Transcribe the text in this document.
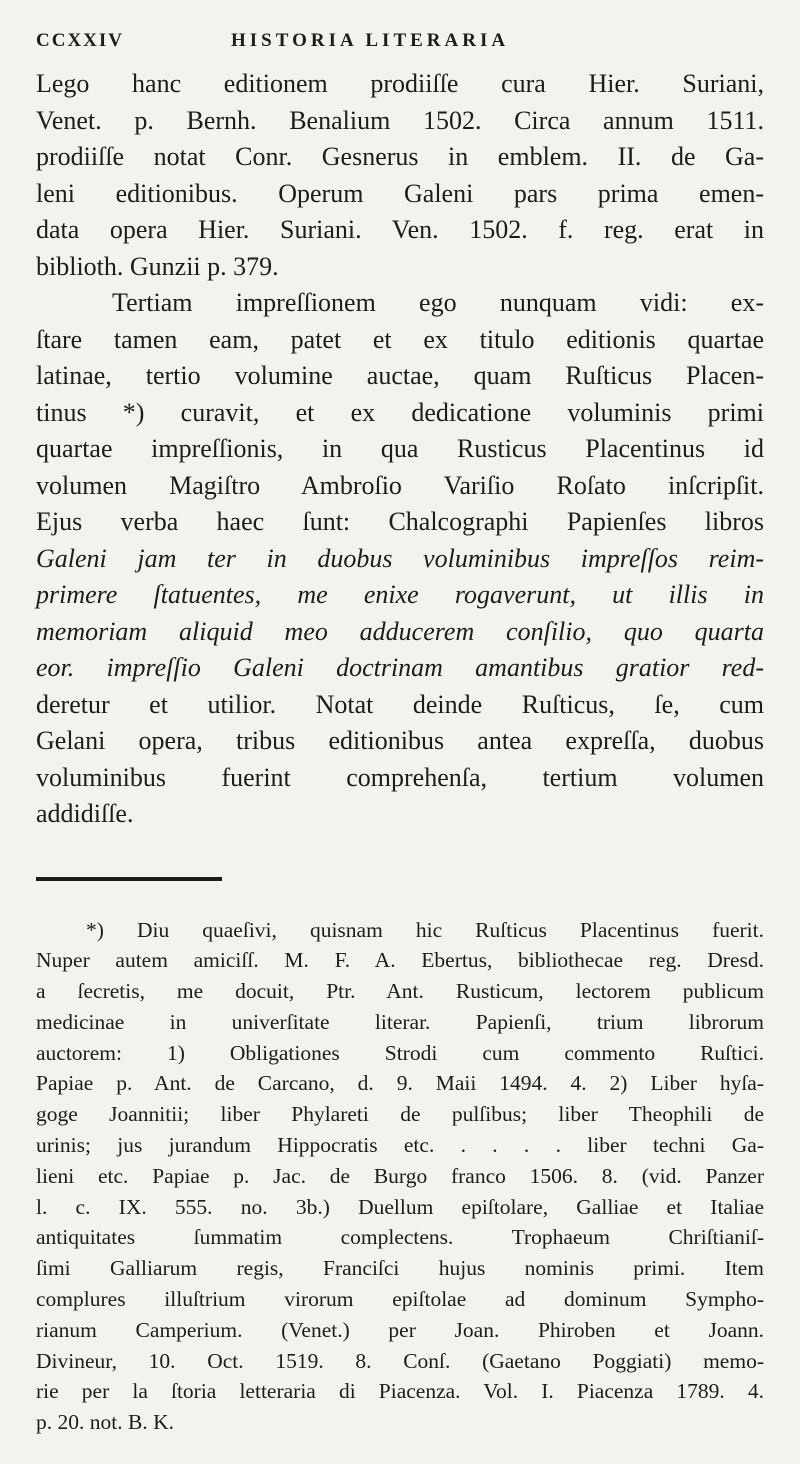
CCXXIV	HISTORIA LITERARIA
Lego hanc editionem prodiiſſe cura Hier. Suriani,
Venet. p. Bernh. Benalium 1502. Circa annum 1511.
prodiiſſe notat Conr. Gesnerus in emblem. II. de Ga-
leni editionibus. Operum Galeni pars prima emen-
data opera Hier. Suriani. Ven. 1502. f. reg. erat in
biblioth. Gunzii p. 379.
Tertiam impreſſionem ego nunquam vidi: ex-
ſtare tamen eam, patet et ex titulo editionis quartae
latinae, tertio volumine auctae, quam Ruſticus Placen-
tinus *) curavit, et ex dedicatione voluminis primi
quartae impreſſionis, in qua Rusticus Placentinus id
volumen Magiſtro Ambroſio Variſio Roſato inſcripſit.
Ejus verba haec ſunt: Chalcographi Papienſes libros
Galeni jam ter in duobus voluminibus impreſſos reim-
primere ſtatuentes, me enixe rogaverunt, ut illis in
memoriam aliquid meo adducerem conſilio, quo quarta
eor. impreſſio Galeni doctrinam amantibus gratior red-
deretur et utilior. Notat deinde Ruſticus, ſe, cum
Gelani opera, tribus editionibus antea expreſſa, duobus
voluminibus fuerint comprehenſa, tertium volumen
addidiſſe.
*) Diu quaeſivi, quisnam hic Ruſticus Placentinus fuerit.
Nuper autem amiciſſ. M. F. A. Ebertus, bibliothecae reg. Dresd.
a ſecretis, me docuit, Ptr. Ant. Rusticum, lectorem publicum
medicinae in univerſitate literar. Papienſi, trium librorum
auctorem: 1) Obligationes Strodi cum commento Ruſtici.
Papiae p. Ant. de Carcano, d. 9. Maii 1494. 4. 2) Liber hyſa-
goge Joannitii; liber Phylareti de pulſibus; liber Theophili de
urinis; jus jurandum Hippocratis etc. . . . . liber techni Ga-
lieni etc. Papiae p. Jac. de Burgo franco 1506. 8. (vid. Panzer
l. c. IX. 555. no. 3b.) Duellum epiſtolare, Galliae et Italiae
antiquitates ſummatim complectens. Trophaeum Chriſtianiſ-
ſimi Galliarum regis, Franciſci hujus nominis primi. Item
complures illuſtrium virorum epiſtolae ad dominum Sympho-
rianum Camperium. (Venet.) per Joan. Phiroben et Joann.
Divineur, 10. Oct. 1519. 8. Conſ. (Gaetano Poggiati) memo-
rie per la ſtoria letteraria di Piacenza. Vol. I. Piacenza 1789. 4.
p. 20. not. B. K.
